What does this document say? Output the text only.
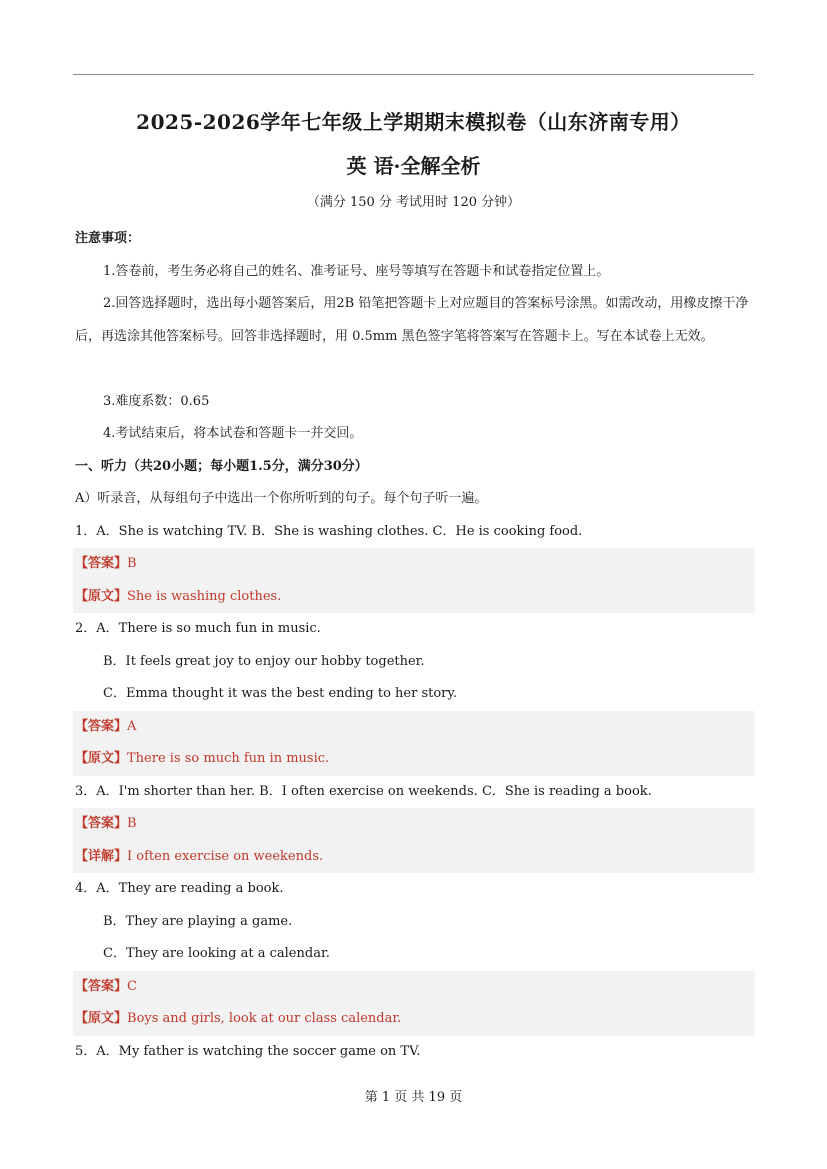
2025-2026学年七年级上学期期末模拟卷（山东济南专用）
英 语·全解全析
（满分 150 分 考试用时 120 分钟）
注意事项：
1.答卷前，考生务必将自己的姓名、准考证号、座号等填写在答题卡和试卷指定位置上。
2.回答选择题时，选出每小题答案后，用2B 铅笔把答题卡上对应题目的答案标号涂黑。如需改动，用橡皮擦干净后，再选涂其他答案标号。回答非选择题时，用 0.5mm 黑色签字笔将答案写在答题卡上。写在本试卷上无效。
3.难度系数：0.65
4.考试结束后，将本试卷和答题卡一并交回。
一、听力（共20小题；每小题1.5分，满分30分）
A）听录音，从每组句子中选出一个你所听到的句子。每个句子听一遍。
1．A．She is watching TV. B．She is washing clothes. C．He is cooking food.
【答案】B
【原文】She is washing clothes.
2．A．There is so much fun in music.
B．It feels great joy to enjoy our hobby together.
C．Emma thought it was the best ending to her story.
【答案】A
【原文】There is so much fun in music.
3．A．I'm shorter than her. B．I often exercise on weekends. C．She is reading a book.
【答案】B
【详解】I often exercise on weekends.
4．A．They are reading a book.
B．They are playing a game.
C．They are looking at a calendar.
【答案】C
【原文】Boys and girls, look at our class calendar.
5．A．My father is watching the soccer game on TV.
第 1 页 共 19 页
